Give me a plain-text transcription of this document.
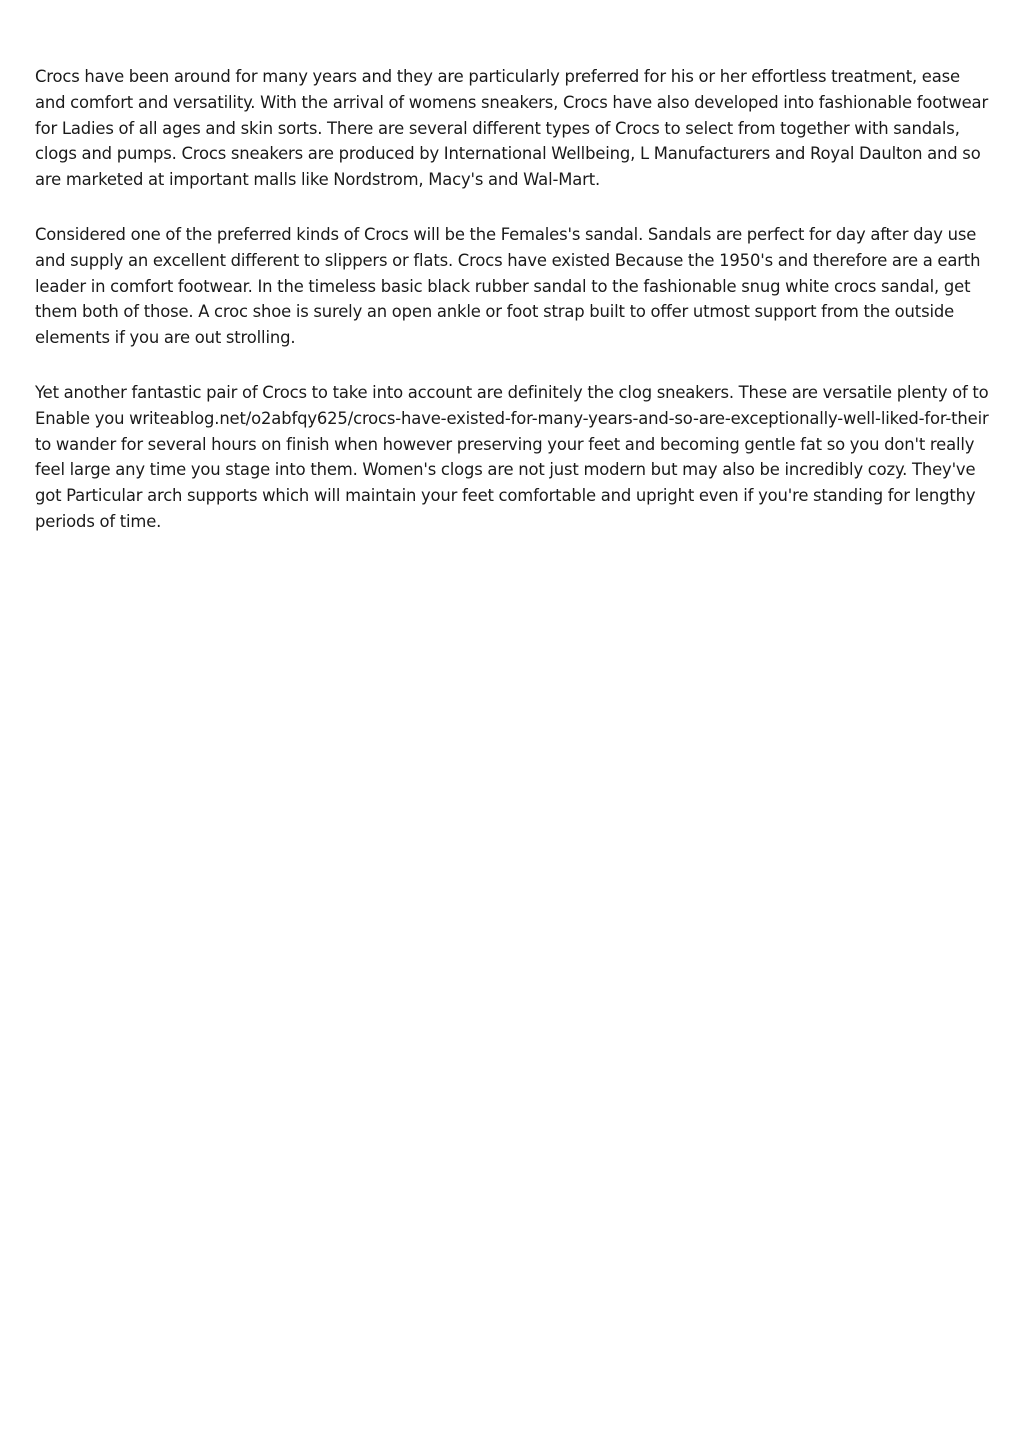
Crocs have been around for many years and they are particularly preferred for his or her effortless treatment, ease and comfort and versatility. With the arrival of womens sneakers, Crocs have also developed into fashionable footwear for Ladies of all ages and skin sorts. There are several different types of Crocs to select from together with sandals, clogs and pumps. Crocs sneakers are produced by International Wellbeing, L Manufacturers and Royal Daulton and so are marketed at important malls like Nordstrom, Macy's and Wal-Mart.

Considered one of the preferred kinds of Crocs will be the Females's sandal. Sandals are perfect for day after day use and supply an excellent different to slippers or flats. Crocs have existed Because the 1950's and therefore are a earth leader in comfort footwear. In the timeless basic black rubber sandal to the fashionable snug white crocs sandal, get them both of those. A croc shoe is surely an open ankle or foot strap built to offer utmost support from the outside elements if you are out strolling.

Yet another fantastic pair of Crocs to take into account are definitely the clog sneakers. These are versatile plenty of to Enable you writeablog.net/o2abfqy625/crocs-have-existed-for-many-years-and-so-are-exceptionally-well-liked-for-their to wander for several hours on finish when however preserving your feet and becoming gentle fat so you don't really feel large any time you stage into them. Women's clogs are not just modern but may also be incredibly cozy. They've got Particular arch supports which will maintain your feet comfortable and upright even if you're standing for lengthy periods of time.
